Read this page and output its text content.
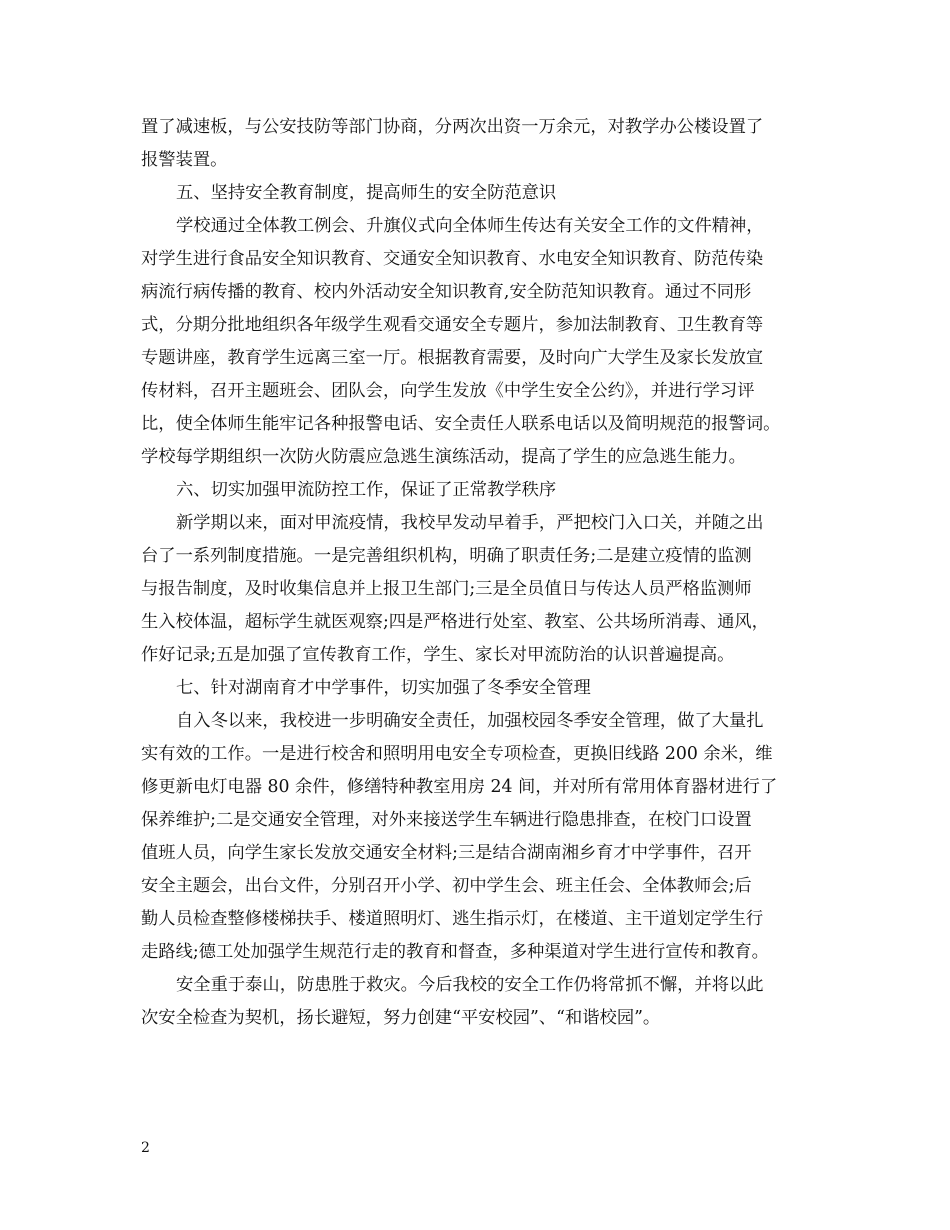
置了减速板，与公安技防等部门协商，分两次出资一万余元，对教学办公楼设置了
报警装置。
五、坚持安全教育制度，提高师生的安全防范意识
学校通过全体教工例会、升旗仪式向全体师生传达有关安全工作的文件精神，
对学生进行食品安全知识教育、交通安全知识教育、水电安全知识教育、防范传染
病流行病传播的教育、校内外活动安全知识教育,安全防范知识教育。通过不同形
式，分期分批地组织各年级学生观看交通安全专题片，参加法制教育、卫生教育等
专题讲座，教育学生远离三室一厅。根据教育需要，及时向广大学生及家长发放宣
传材料，召开主题班会、团队会，向学生发放《中学生安全公约》，并进行学习评
比，使全体师生能牢记各种报警电话、安全责任人联系电话以及简明规范的报警词。
学校每学期组织一次防火防震应急逃生演练活动，提高了学生的应急逃生能力。
六、切实加强甲流防控工作，保证了正常教学秩序
新学期以来，面对甲流疫情，我校早发动早着手，严把校门入口关，并随之出
台了一系列制度措施。一是完善组织机构，明确了职责任务;二是建立疫情的监测
与报告制度，及时收集信息并上报卫生部门;三是全员值日与传达人员严格监测师
生入校体温，超标学生就医观察;四是严格进行处室、教室、公共场所消毒、通风，
作好记录;五是加强了宣传教育工作，学生、家长对甲流防治的认识普遍提高。
七、针对湖南育才中学事件，切实加强了冬季安全管理
自入冬以来，我校进一步明确安全责任，加强校园冬季安全管理，做了大量扎
实有效的工作。一是进行校舍和照明用电安全专项检查，更换旧线路 200 余米，维
修更新电灯电器 80 余件，修缮特种教室用房 24 间，并对所有常用体育器材进行了
保养维护;二是交通安全管理，对外来接送学生车辆进行隐患排查，在校门口设置
值班人员，向学生家长发放交通安全材料;三是结合湖南湘乡育才中学事件，召开
安全主题会，出台文件，分别召开小学、初中学生会、班主任会、全体教师会;后
勤人员检查整修楼梯扶手、楼道照明灯、逃生指示灯，在楼道、主干道划定学生行
走路线;德工处加强学生规范行走的教育和督查，多种渠道对学生进行宣传和教育。
安全重于泰山，防患胜于救灾。今后我校的安全工作仍将常抓不懈，并将以此
次安全检查为契机，扬长避短，努力创建“平安校园”、“和谐校园”。
2
